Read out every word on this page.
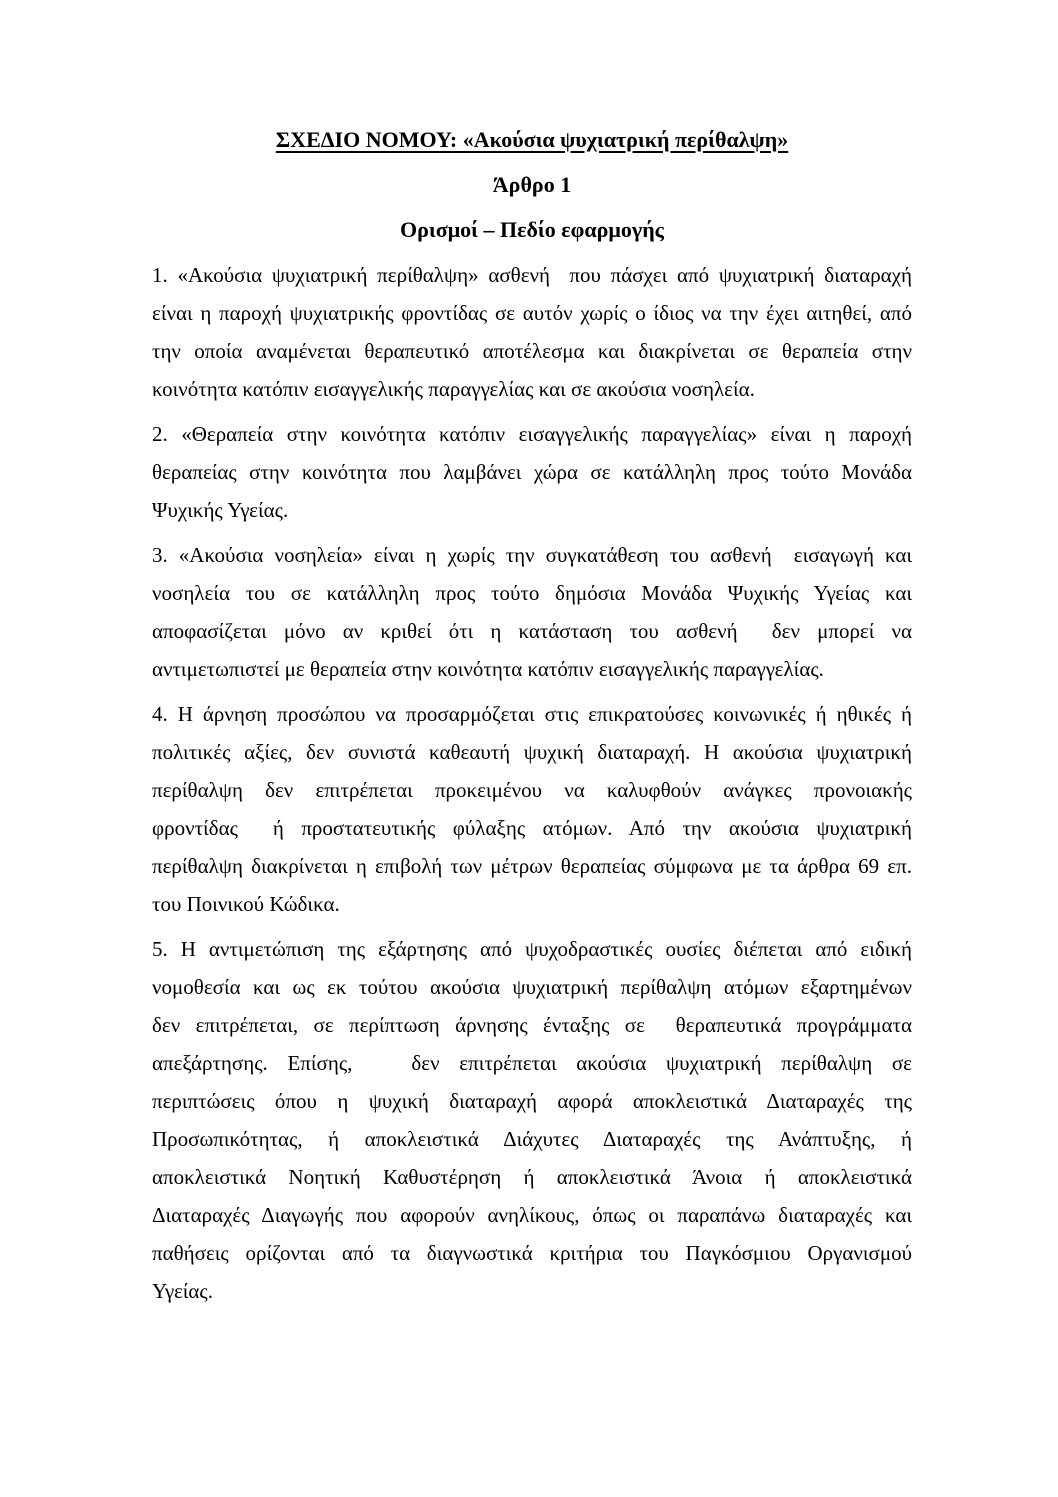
ΣΧΕΔΙΟ ΝΟΜΟΥ: «Ακούσια ψυχιατρική περίθαλψη»
Άρθρο 1
Ορισμοί – Πεδίο εφαρμογής
1. «Ακούσια ψυχιατρική περίθαλψη» ασθενή  που πάσχει από ψυχιατρική διαταραχή
είναι η παροχή ψυχιατρικής φροντίδας σε αυτόν χωρίς ο ίδιος να την έχει αιτηθεί, από
την οποία αναμένεται θεραπευτικό αποτέλεσμα και διακρίνεται σε θεραπεία στην
κοινότητα κατόπιν εισαγγελικής παραγγελίας και σε ακούσια νοσηλεία.
2. «Θεραπεία στην κοινότητα κατόπιν εισαγγελικής παραγγελίας» είναι η παροχή
θεραπείας στην κοινότητα που λαμβάνει χώρα σε κατάλληλη προς τούτο Μονάδα
Ψυχικής Υγείας.
3. «Ακούσια νοσηλεία» είναι η χωρίς την συγκατάθεση του ασθενή  εισαγωγή και
νοσηλεία του σε κατάλληλη προς τούτο δημόσια Μονάδα Ψυχικής Υγείας και
αποφασίζεται μόνο αν κριθεί ότι η κατάσταση του ασθενή  δεν μπορεί να
αντιμετωπιστεί με θεραπεία στην κοινότητα κατόπιν εισαγγελικής παραγγελίας.
4. Η άρνηση προσώπου να προσαρμόζεται στις επικρατούσες κοινωνικές ή ηθικές ή
πολιτικές αξίες, δεν συνιστά καθεαυτή ψυχική διαταραχή. Η ακούσια ψυχιατρική
περίθαλψη δεν επιτρέπεται προκειμένου να καλυφθούν ανάγκες προνοιακής
φροντίδας  ή προστατευτικής φύλαξης ατόμων. Από την ακούσια ψυχιατρική
περίθαλψη διακρίνεται η επιβολή των μέτρων θεραπείας σύμφωνα με τα άρθρα 69 επ.
του Ποινικού Κώδικα.
5. Η αντιμετώπιση της εξάρτησης από ψυχοδραστικές ουσίες διέπεται από ειδική
νομοθεσία και ως εκ τούτου ακούσια ψυχιατρική περίθαλψη ατόμων εξαρτημένων
δεν επιτρέπεται, σε περίπτωση άρνησης ένταξης σε  θεραπευτικά προγράμματα
απεξάρτησης. Επίσης,   δεν επιτρέπεται ακούσια ψυχιατρική περίθαλψη σε
περιπτώσεις όπου η ψυχική διαταραχή αφορά αποκλειστικά Διαταραχές της
Προσωπικότητας, ή αποκλειστικά Διάχυτες Διαταραχές της Ανάπτυξης, ή
αποκλειστικά Νοητική Καθυστέρηση ή αποκλειστικά Άνοια ή αποκλειστικά
Διαταραχές Διαγωγής που αφορούν ανηλίκους, όπως οι παραπάνω διαταραχές και
παθήσεις ορίζονται από τα διαγνωστικά κριτήρια του Παγκόσμιου Οργανισμού
Υγείας.
